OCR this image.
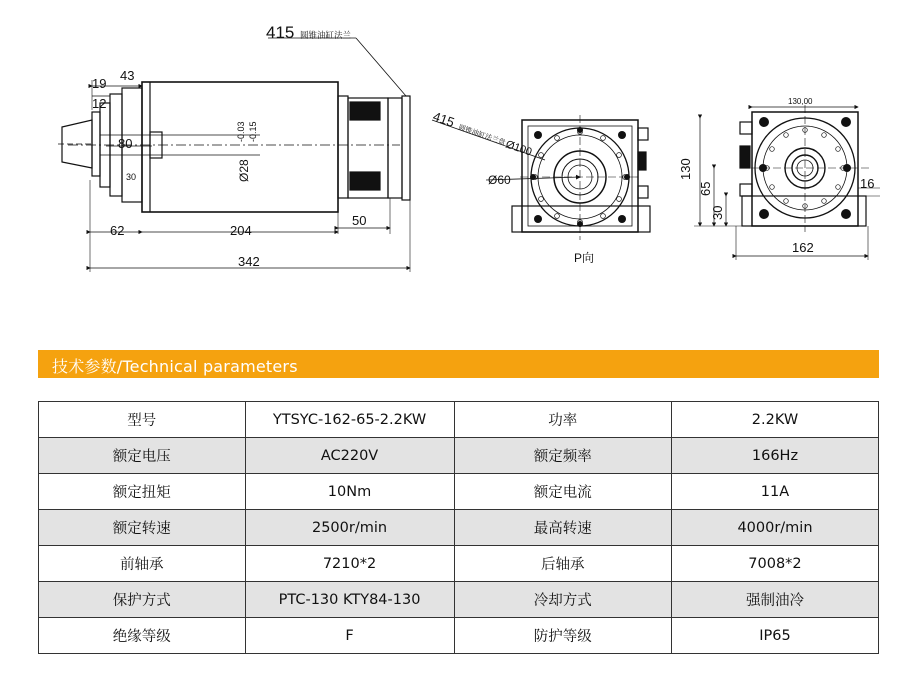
415 圆锥油缸法兰
19
43
12
80
30	Ø28
-0.03 -0.15
62	204
50
342
415
圆锥油缸法兰盘
Ø100
Ø60
P向
130,00
130
65
30
16
162
技术参数/Technical parameters
型号	YTSYC-162-65-2.2KW	功率	2.2KW
额定电压	AC220V	额定频率	166Hz
额定扭矩	10Nm	额定电流	11A
额定转速	2500r/min	最高转速	4000r/min
前轴承	7210*2	后轴承	7008*2
保护方式	PTC-130 KTY84-130	冷却方式	强制油冷
绝缘等级	F	防护等级	IP65
